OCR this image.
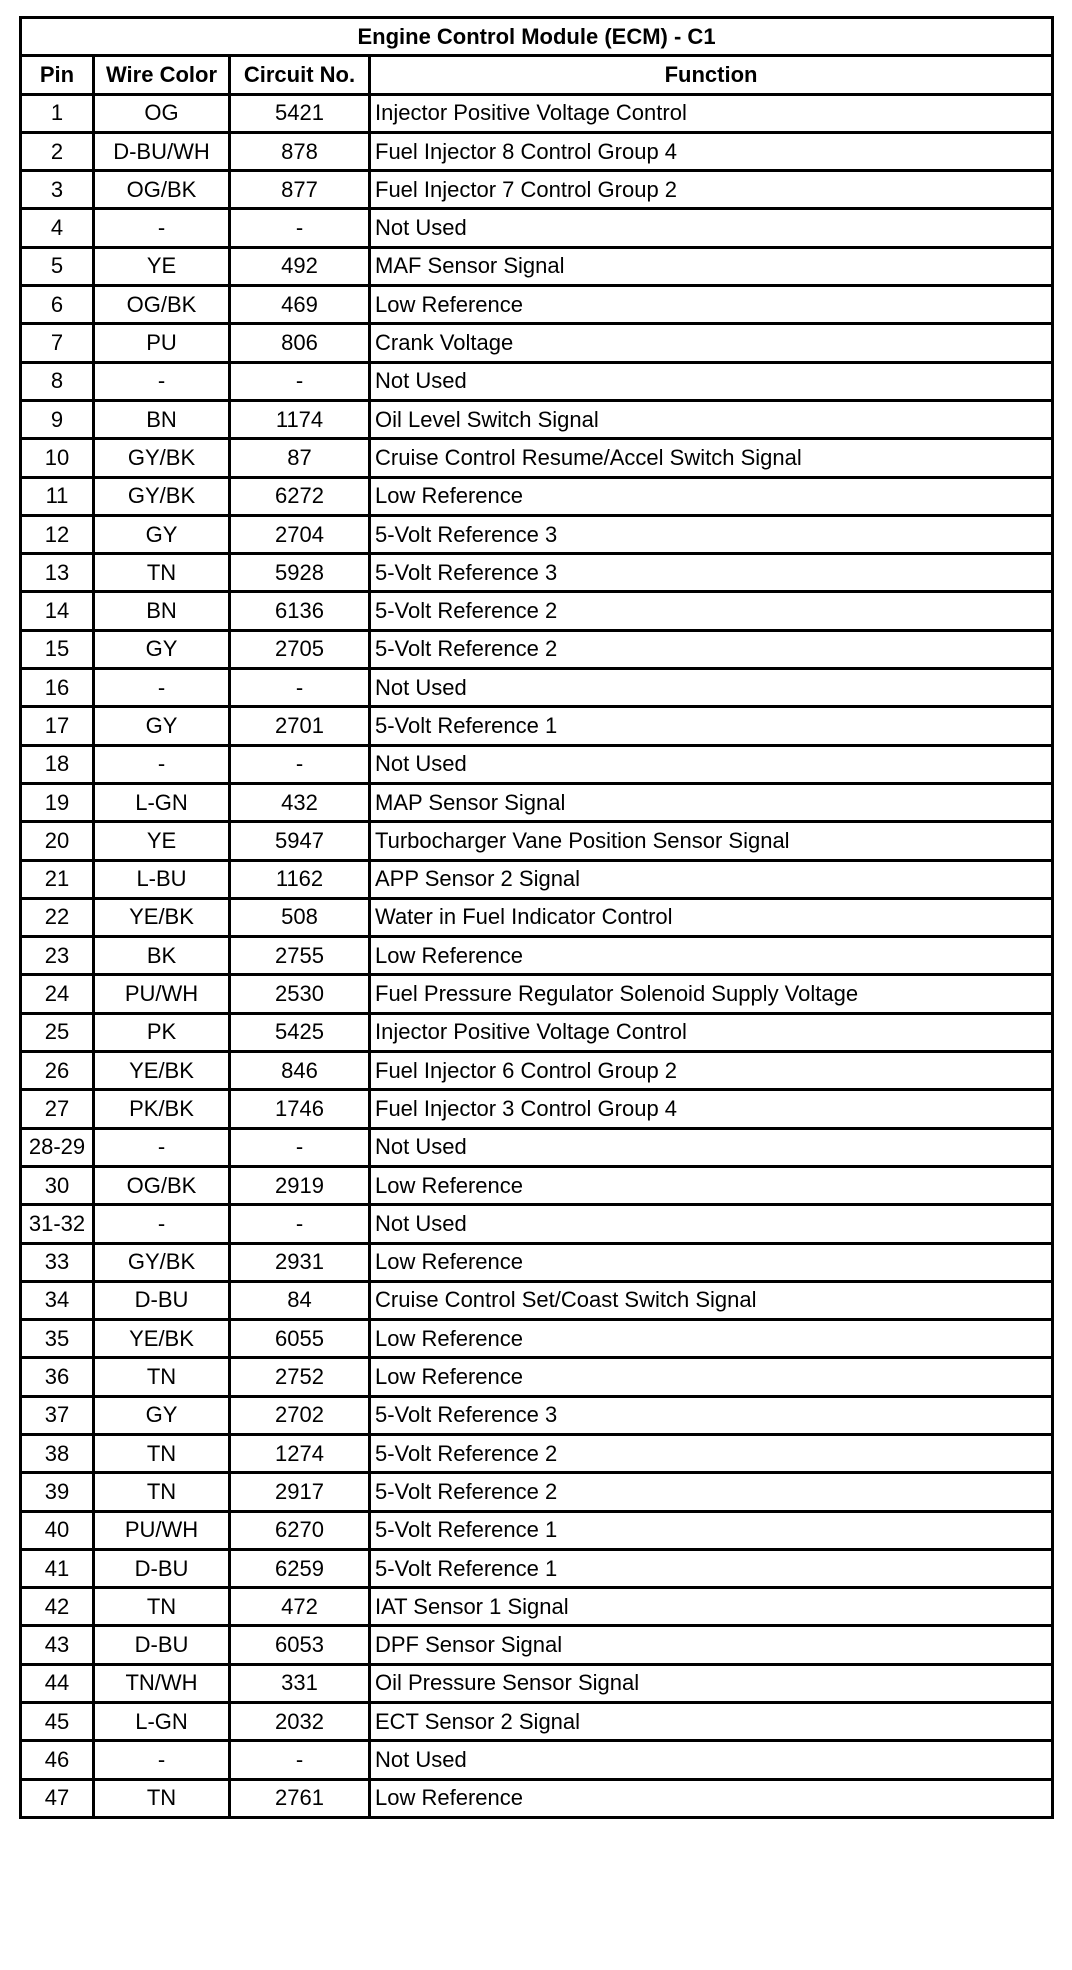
Engine Control Module (ECM) - C1			
Pin	Wire Color	Circuit No.	Function
1	OG	5421	Injector Positive Voltage Control
2	D-BU/WH	878	Fuel Injector 8 Control Group 4
3	OG/BK	877	Fuel Injector 7 Control Group 2
4	-	-	Not Used
5	YE	492	MAF Sensor Signal
6	OG/BK	469	Low Reference
7	PU	806	Crank Voltage
8	-	-	Not Used
9	BN	1174	Oil Level Switch Signal
10	GY/BK	87	Cruise Control Resume/Accel Switch Signal
11	GY/BK	6272	Low Reference
12	GY	2704	5-Volt Reference 3
13	TN	5928	5-Volt Reference 3
14	BN	6136	5-Volt Reference 2
15	GY	2705	5-Volt Reference 2
16	-	-	Not Used
17	GY	2701	5-Volt Reference 1
18	-	-	Not Used
19	L-GN	432	MAP Sensor Signal
20	YE	5947	Turbocharger Vane Position Sensor Signal
21	L-BU	1162	APP Sensor 2 Signal
22	YE/BK	508	Water in Fuel Indicator Control
23	BK	2755	Low Reference
24	PU/WH	2530	Fuel Pressure Regulator Solenoid Supply Voltage
25	PK	5425	Injector Positive Voltage Control
26	YE/BK	846	Fuel Injector 6 Control Group 2
27	PK/BK	1746	Fuel Injector 3 Control Group 4
28-29	-	-	Not Used
30	OG/BK	2919	Low Reference
31-32	-	-	Not Used
33	GY/BK	2931	Low Reference
34	D-BU	84	Cruise Control Set/Coast Switch Signal
35	YE/BK	6055	Low Reference
36	TN	2752	Low Reference
37	GY	2702	5-Volt Reference 3
38	TN	1274	5-Volt Reference 2
39	TN	2917	5-Volt Reference 2
40	PU/WH	6270	5-Volt Reference 1
41	D-BU	6259	5-Volt Reference 1
42	TN	472	IAT Sensor 1 Signal
43	D-BU	6053	DPF Sensor Signal
44	TN/WH	331	Oil Pressure Sensor Signal
45	L-GN	2032	ECT Sensor 2 Signal
46	-	-	Not Used
47	TN	2761	Low Reference
